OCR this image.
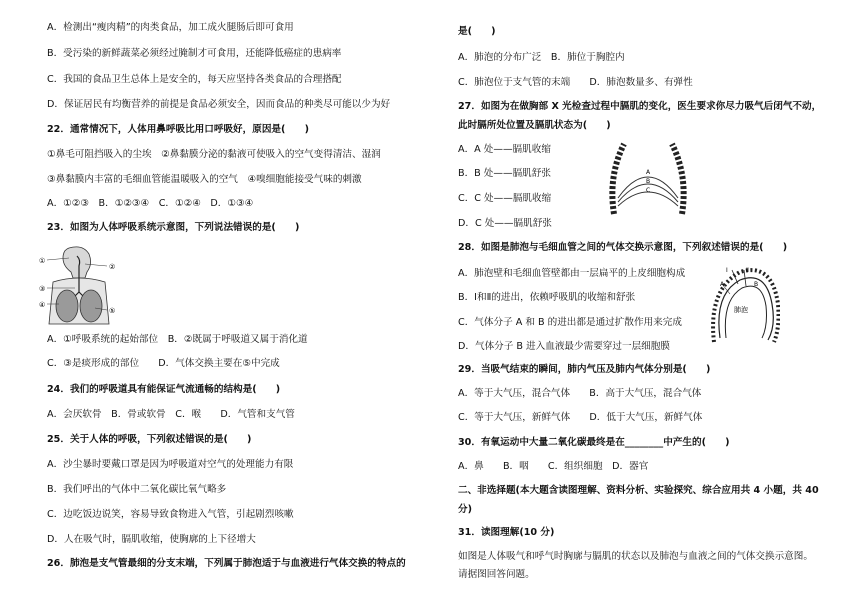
A．检测出“瘦肉精”的肉类食品，加工成火腿肠后即可食用
B．受污染的新鲜蔬菜必须经过腌制才可食用，还能降低癌症的患病率
C．我国的食品卫生总体上是安全的，每天应坚持各类食品的合理搭配
D．保证居民有均衡营养的前提是食品必须安全，因而食品的种类尽可能以少为好
22．通常情况下，人体用鼻呼吸比用口呼吸好，原因是(　　)
①鼻毛可阻挡吸入的尘埃　②鼻黏膜分泌的黏液可使吸入的空气变得清洁、湿润
③鼻黏膜内丰富的毛细血管能温暖吸入的空气　④嗅细胞能接受气味的刺激
A．①②③　B．①②③④　C．①②④　D．①③④
23．如图为人体呼吸系统示意图，下列说法错误的是(　　)
①
②
③
④
⑤
A．①呼吸系统的起始部位　B．②既属于呼吸道又属于消化道
C．③是痰形成的部位　　D．气体交换主要在⑤中完成
24．我们的呼吸道具有能保证气流通畅的结构是(　　)
A．会厌软骨　B．骨或软骨　C．喉　　D．气管和支气管
25．关于人体的呼吸，下列叙述错误的是(　　)
A．沙尘暴时要戴口罩是因为呼吸道对空气的处理能力有限
B．我们呼出的气体中二氧化碳比氧气略多
C．边吃饭边说笑，容易导致食物进入气管，引起剧烈咳嗽
D．人在吸气时，膈肌收缩，使胸廓的上下径增大
26．肺泡是支气管最细的分支末端，下列属于肺泡适于与血液进行气体交换的特点的
是(　　)
A．肺泡的分布广泛　B．肺位于胸腔内
C．肺泡位于支气管的末端　　D．肺泡数量多、有弹性
27．如图为在做胸部 X 光检查过程中膈肌的变化，医生要求你尽力吸气后闭气不动，
此时膈所处位置及膈肌状态为(　　)
A．A 处——膈肌收缩
B．B 处——膈肌舒张
C．C 处——膈肌收缩
D．C 处——膈肌舒张
A
B
C
28．如图是肺泡与毛细血管之间的气体交换示意图，下列叙述错误的是(　　)
A．肺泡壁和毛细血管壁都由一层扁平的上皮细胞构成
B．Ⅰ和Ⅱ的进出，依赖呼吸肌的收缩和舒张
C．气体分子 A 和 B 的进出都是通过扩散作用来完成
D．气体分子 B 进入血液最少需要穿过一层细胞膜
Ⅰ	Ⅱ
A	B
肺泡
29．当吸气结束的瞬间，肺内气压及肺内气体分别是(　　)
A．等于大气压，混合气体　　B．高于大气压，混合气体
C．等于大气压，新鲜气体　　D．低于大气压，新鲜气体
30．有氧运动中大量二氧化碳最终是在________中产生的(　　)
A．鼻　　B．咽　　C．组织细胞　D．器官
二、非选择题(本大题含读图理解、资料分析、实验探究、综合应用共 4 小题，共 40
分)
31．读图理解(10 分)
如图是人体吸气和呼气时胸廓与膈肌的状态以及肺泡与血液之间的气体交换示意图。
请据图回答问题。
